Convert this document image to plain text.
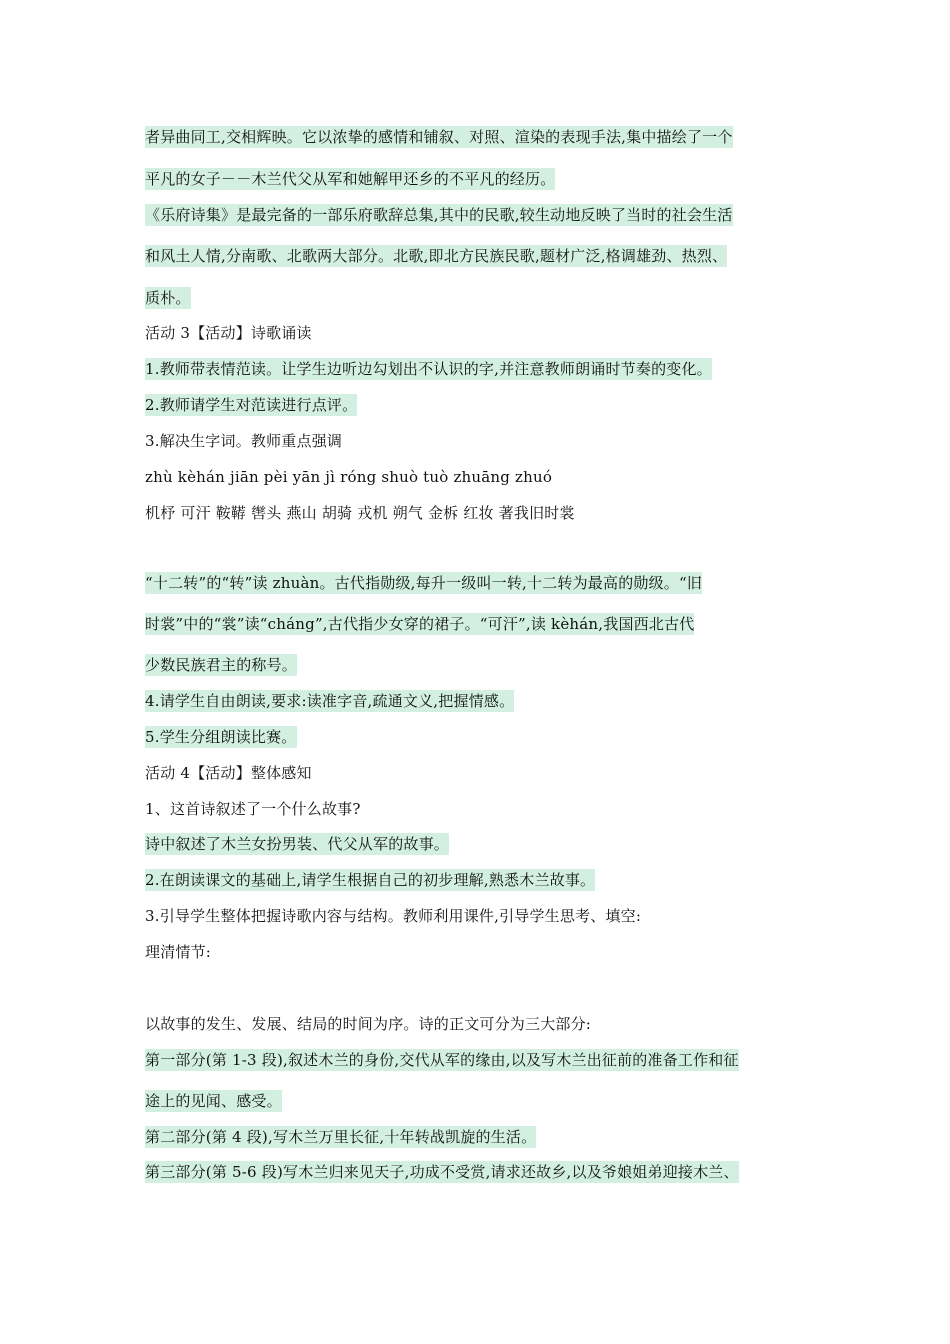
者异曲同工,交相辉映。它以浓挚的感情和铺叙、对照、渲染的表现手法,集中描绘了一个
平凡的女子－－木兰代父从军和她解甲还乡的不平凡的经历。
《乐府诗集》是最完备的一部乐府歌辞总集,其中的民歌,较生动地反映了当时的社会生活
和风土人情,分南歌、北歌两大部分。北歌,即北方民族民歌,题材广泛,格调雄劲、热烈、
质朴。
活动 3【活动】诗歌诵读
1.教师带表情范读。让学生边听边勾划出不认识的字,并注意教师朗诵时节奏的变化。
2.教师请学生对范读进行点评。
3.解决生字词。教师重点强调
zhù kèhán jiān pèi yān jì róng shuò tuò zhuāng zhuó
机杼 可汗 鞍鞯 辔头 燕山 胡骑 戎机 朔气 金柝 红妆 著我旧时裳
“十二转”的“转”读 zhuàn。古代指勋级,每升一级叫一转,十二转为最高的勋级。“旧
时裳”中的“裳”读“cháng”,古代指少女穿的裙子。“可汗”,读 kèhán,我国西北古代
少数民族君主的称号。
4.请学生自由朗读,要求:读准字音,疏通文义,把握情感。
5.学生分组朗读比赛。
活动 4【活动】整体感知
1、这首诗叙述了一个什么故事?
诗中叙述了木兰女扮男装、代父从军的故事。
2.在朗读课文的基础上,请学生根据自己的初步理解,熟悉木兰故事。
3.引导学生整体把握诗歌内容与结构。教师利用课件,引导学生思考、填空:
理清情节:
以故事的发生、发展、结局的时间为序。诗的正文可分为三大部分:
第一部分(第 1-3 段),叙述木兰的身份,交代从军的缘由,以及写木兰出征前的准备工作和征
途上的见闻、感受。
第二部分(第 4 段),写木兰万里长征,十年转战凯旋的生活。
第三部分(第 5-6 段)写木兰归来见天子,功成不受赏,请求还故乡,以及爷娘姐弟迎接木兰、
